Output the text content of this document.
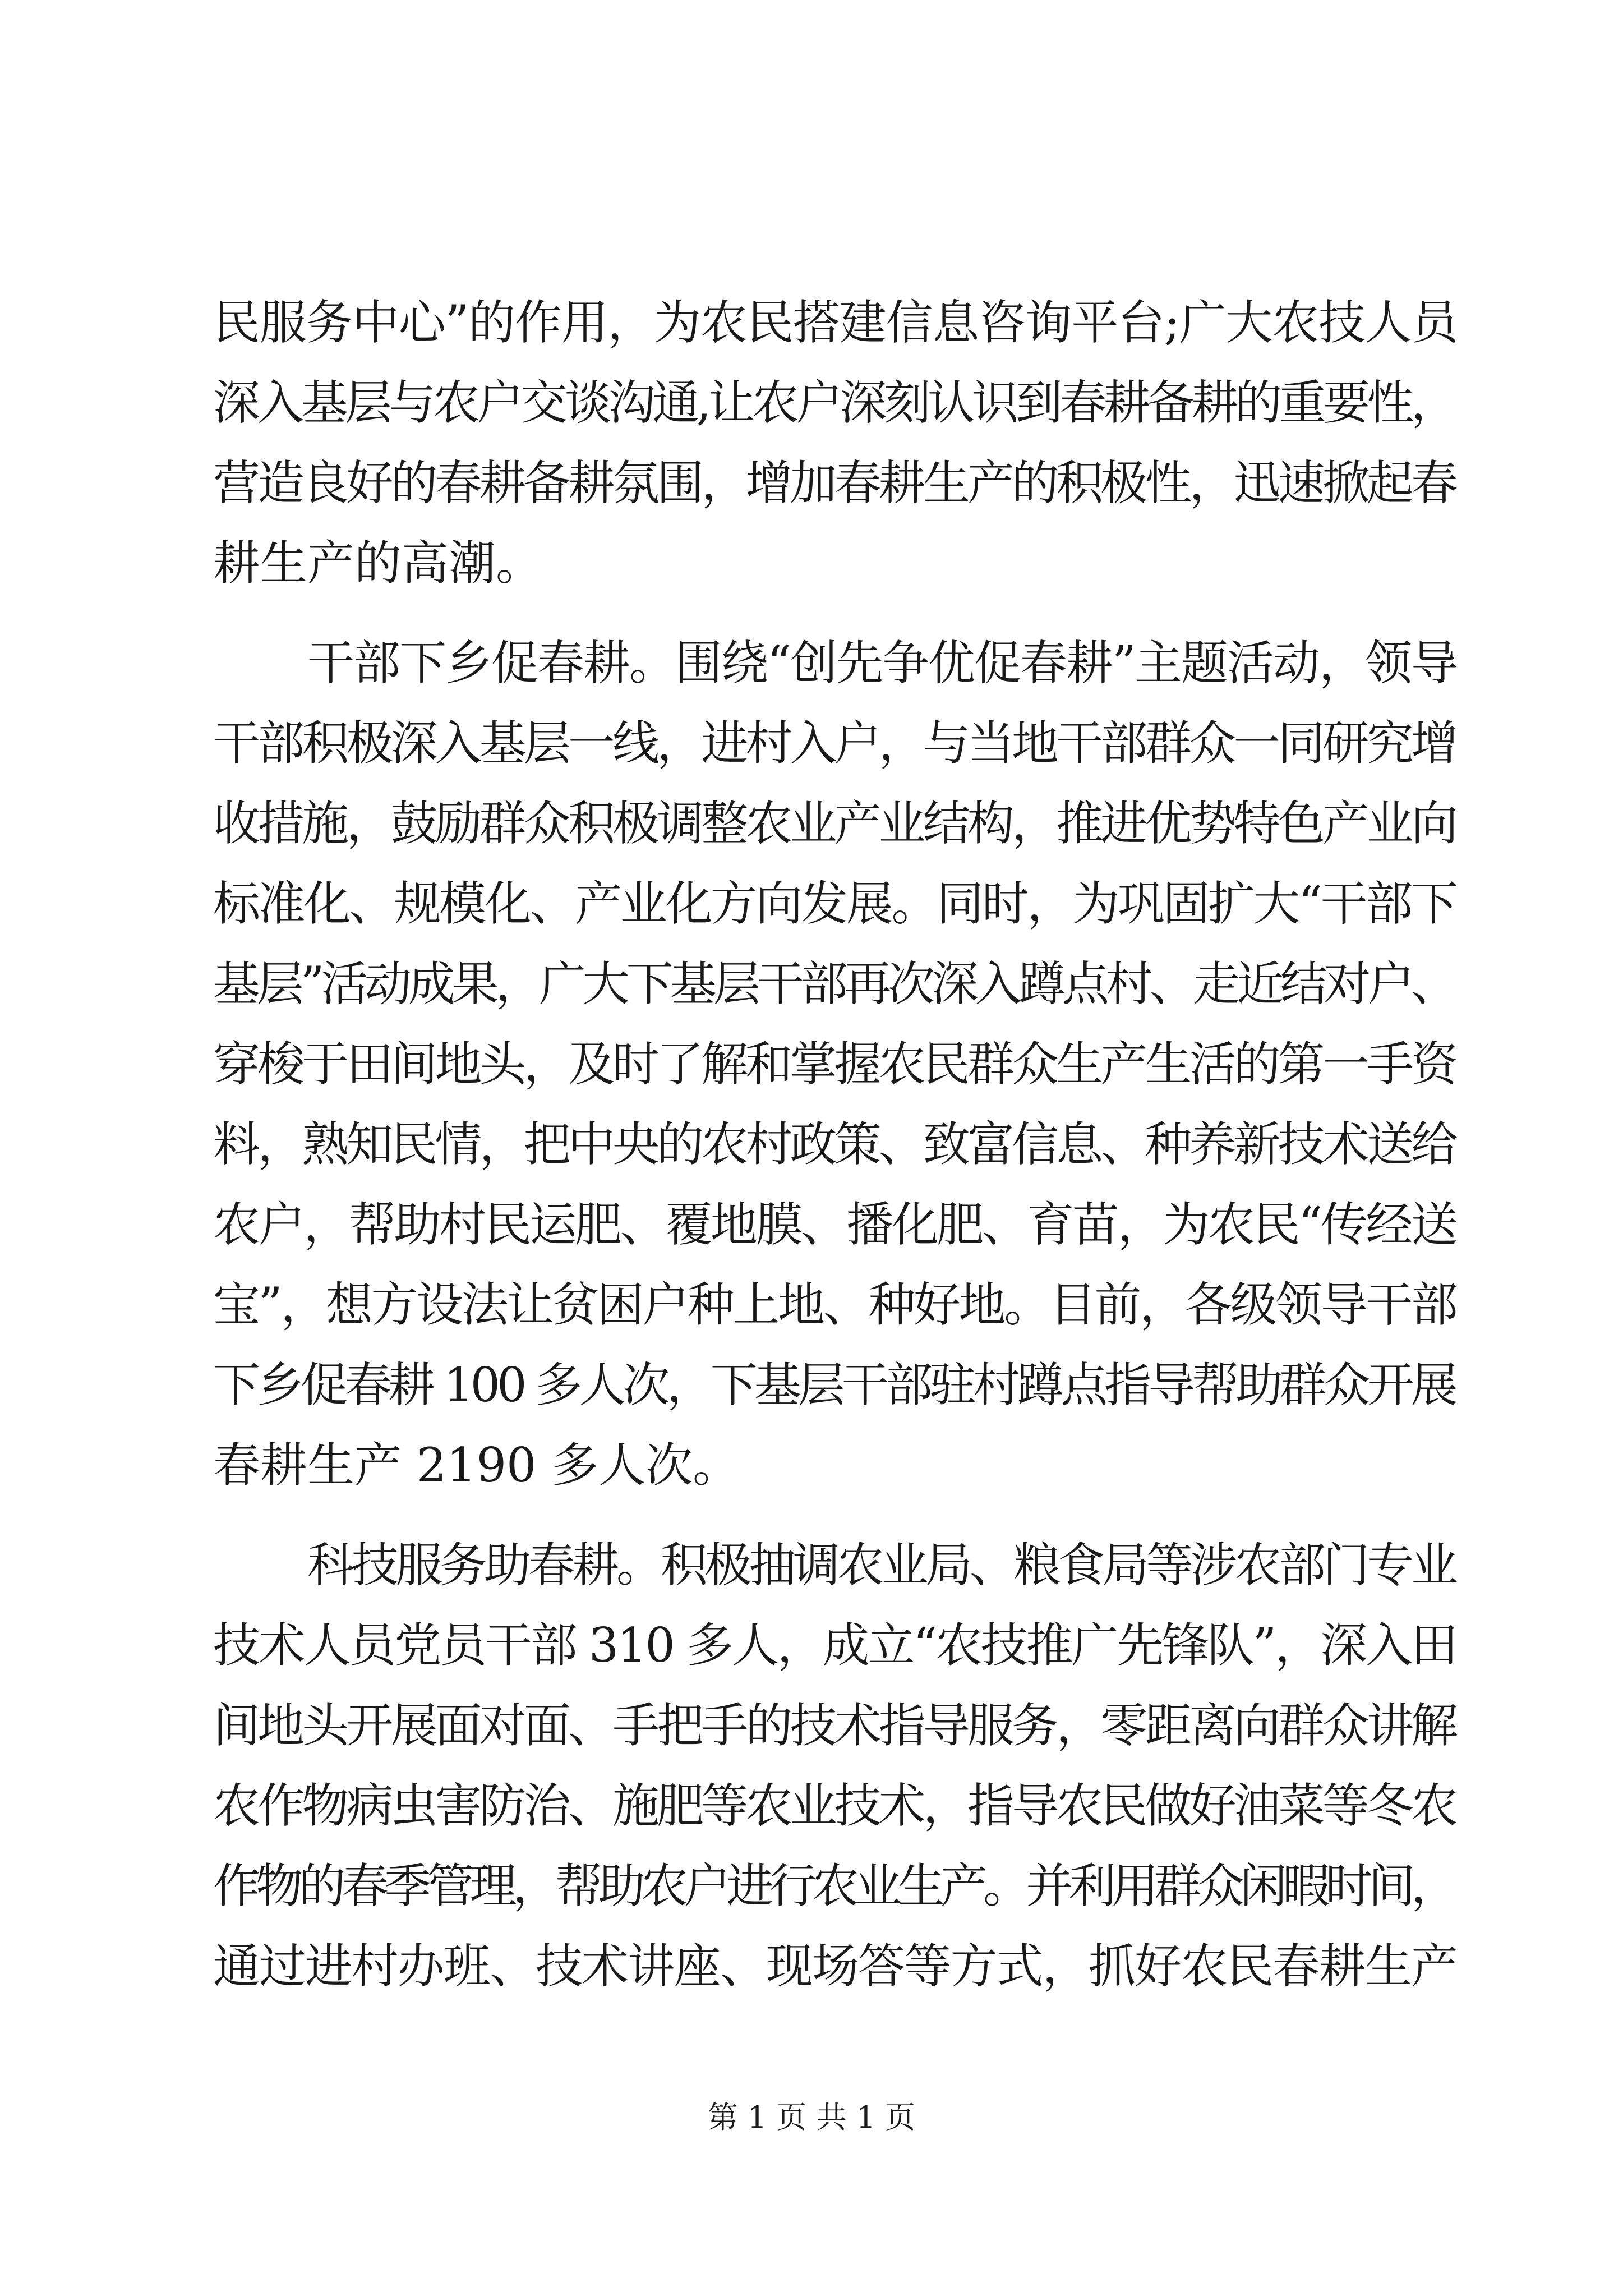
民服务中心”的作用，为农民搭建信息咨询平台;广大农技人员
深入基层与农户交谈沟通,让农户深刻认识到春耕备耕的重要性，
营造良好的春耕备耕氛围，增加春耕生产的积极性，迅速掀起春
耕生产的高潮。
干部下乡促春耕。围绕“创先争优促春耕”主题活动，领导
干部积极深入基层一线，进村入户，与当地干部群众一同研究增
收措施，鼓励群众积极调整农业产业结构，推进优势特色产业向
标准化、规模化、产业化方向发展。同时，为巩固扩大“干部下
基层”活动成果，广大下基层干部再次深入蹲点村、走近结对户、
穿梭于田间地头，及时了解和掌握农民群众生产生活的第一手资
料，熟知民情，把中央的农村政策、致富信息、种养新技术送给
农户，帮助村民运肥、覆地膜、播化肥、育苗，为农民“传经送
宝”，想方设法让贫困户种上地、种好地。目前，各级领导干部
下乡促春耕 100 多人次，下基层干部驻村蹲点指导帮助群众开展
春耕生产 2190 多人次。
科技服务助春耕。积极抽调农业局、粮食局等涉农部门专业
技术人员党员干部 310 多人，成立“农技推广先锋队”，深入田
间地头开展面对面、手把手的技术指导服务，零距离向群众讲解
农作物病虫害防治、施肥等农业技术，指导农民做好油菜等冬农
作物的春季管理，帮助农户进行农业生产。并利用群众闲暇时间，
通过进村办班、技术讲座、现场答等方式，抓好农民春耕生产
第 1 页 共 1 页
